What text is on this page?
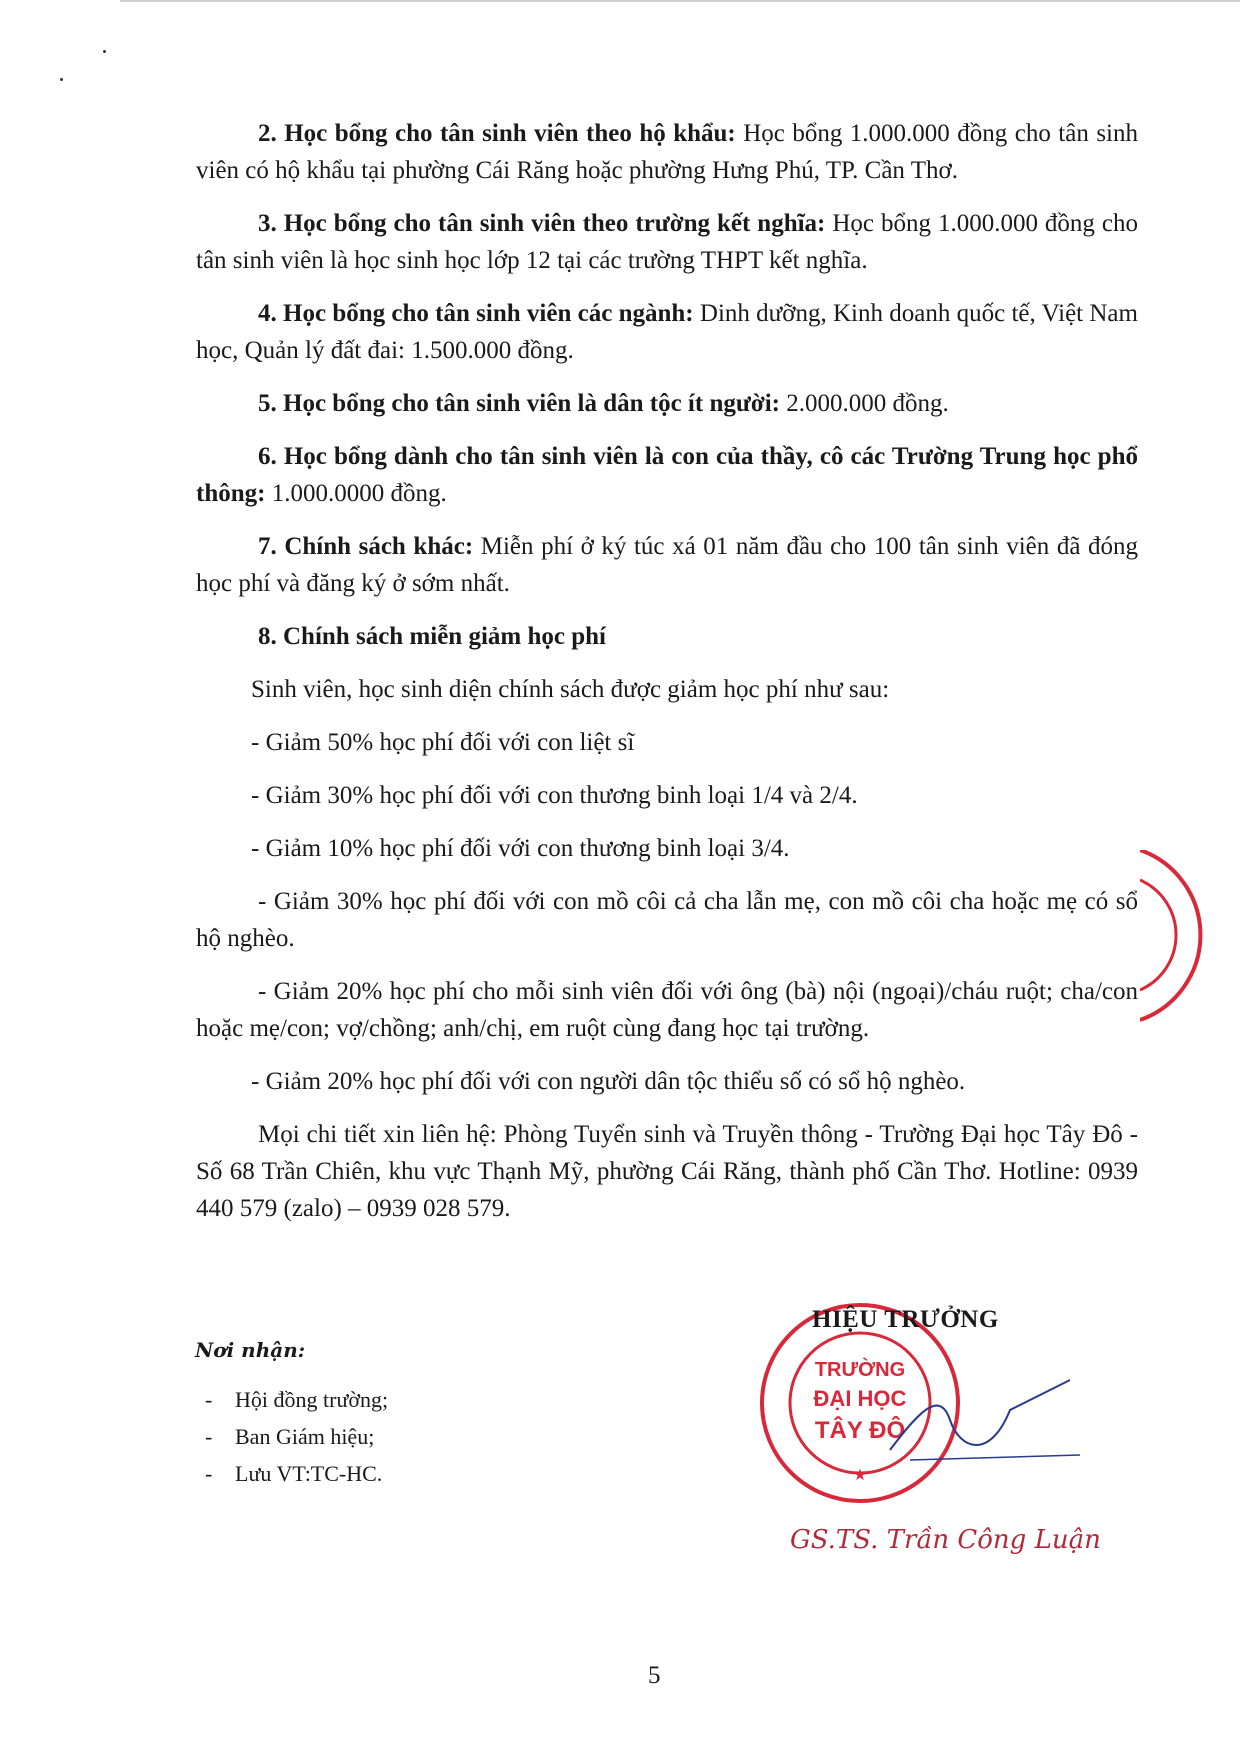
2. Học bổng cho tân sinh viên theo hộ khẩu: Học bổng 1.000.000 đồng cho tân sinh viên có hộ khẩu tại phường Cái Răng hoặc phường Hưng Phú, TP. Cần Thơ.

3. Học bổng cho tân sinh viên theo trường kết nghĩa: Học bổng 1.000.000 đồng cho tân sinh viên là học sinh học lớp 12 tại các trường THPT kết nghĩa.

4. Học bổng cho tân sinh viên các ngành: Dinh dưỡng, Kinh doanh quốc tế, Việt Nam học, Quản lý đất đai: 1.500.000 đồng.

5. Học bổng cho tân sinh viên là dân tộc ít người: 2.000.000 đồng.

6. Học bổng dành cho tân sinh viên là con của thầy, cô các Trường Trung học phổ thông: 1.000.0000 đồng.

7. Chính sách khác: Miễn phí ở ký túc xá 01 năm đầu cho 100 tân sinh viên đã đóng học phí và đăng ký ở sớm nhất.

8. Chính sách miễn giảm học phí

Sinh viên, học sinh diện chính sách được giảm học phí như sau:

- Giảm 50% học phí đối với con liệt sĩ

- Giảm 30% học phí đối với con thương binh loại 1/4 và 2/4.

- Giảm 10% học phí đối với con thương binh loại 3/4.

- Giảm 30% học phí đối với con mồ côi cả cha lẫn mẹ, con mồ côi cha hoặc mẹ có sổ hộ nghèo.

- Giảm 20% học phí cho mỗi sinh viên đối với ông (bà) nội (ngoại)/cháu ruột; cha/con hoặc mẹ/con; vợ/chồng; anh/chị, em ruột cùng đang học tại trường.

- Giảm 20% học phí đối với con người dân tộc thiểu số có sổ hộ nghèo.

Mọi chi tiết xin liên hệ: Phòng Tuyển sinh và Truyền thông - Trường Đại học Tây Đô - Số 68 Trần Chiên, khu vực Thạnh Mỹ, phường Cái Răng, thành phố Cần Thơ. Hotline: 0939 440 579 (zalo) – 0939 028 579.

Nơi nhận:
- Hội đồng trường;
- Ban Giám hiệu;
- Lưu VT:TC-HC.
TRƯỜNG
ĐẠI HỌC
TÂY ĐÔ
★
HIỆU TRƯỞNG
GS.TS. Trần Công Luận
5
